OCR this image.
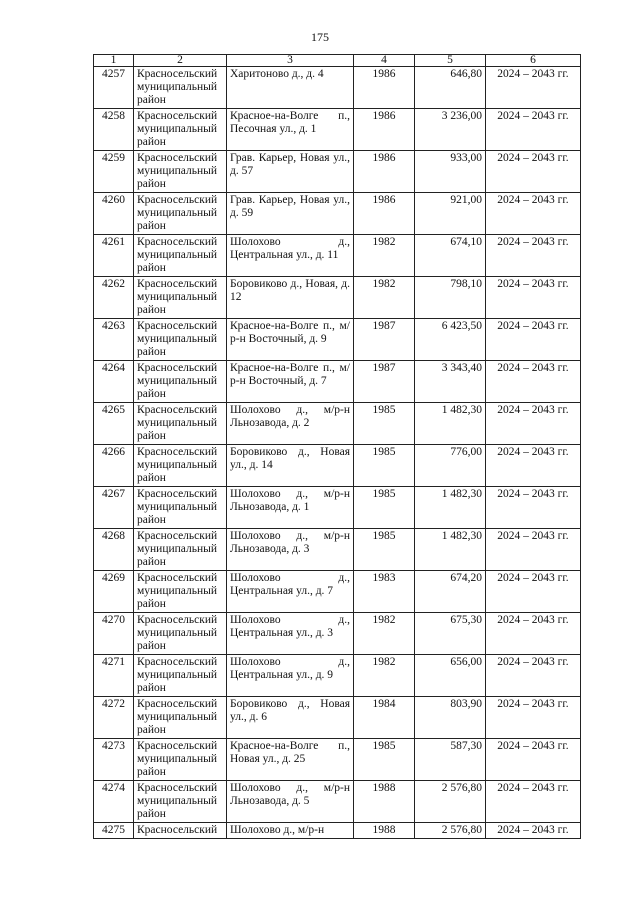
175
1	2	3	4	5	6
4257	Красносельский муниципальный район	Харитоново д., д. 4	1986	646,80	2024 – 2043 гг.
4258	Красносельский муниципальный район	Красное-на-Волге п., Песочная ул., д. 1	1986	3 236,00	2024 – 2043 гг.
4259	Красносельский муниципальный район	Грав. Карьер, Новая ул., д. 57	1986	933,00	2024 – 2043 гг.
4260	Красносельский муниципальный район	Грав. Карьер, Новая ул., д. 59	1986	921,00	2024 – 2043 гг.
4261	Красносельский муниципальный район	Шолохово д., Центральная ул., д. 11	1982	674,10	2024 – 2043 гг.
4262	Красносельский муниципальный район	Боровиково д., Новая, д. 12	1982	798,10	2024 – 2043 гг.
4263	Красносельский муниципальный район	Красное-на-Волге п., м/р-н Восточный, д. 9	1987	6 423,50	2024 – 2043 гг.
4264	Красносельский муниципальный район	Красное-на-Волге п., м/р-н Восточный, д. 7	1987	3 343,40	2024 – 2043 гг.
4265	Красносельский муниципальный район	Шолохово д., м/р-н Льнозавода, д. 2	1985	1 482,30	2024 – 2043 гг.
4266	Красносельский муниципальный район	Боровиково д., Новая ул., д. 14	1985	776,00	2024 – 2043 гг.
4267	Красносельский муниципальный район	Шолохово д., м/р-н Льнозавода, д. 1	1985	1 482,30	2024 – 2043 гг.
4268	Красносельский муниципальный район	Шолохово д., м/р-н Льнозавода, д. 3	1985	1 482,30	2024 – 2043 гг.
4269	Красносельский муниципальный район	Шолохово д., Центральная ул., д. 7	1983	674,20	2024 – 2043 гг.
4270	Красносельский муниципальный район	Шолохово д., Центральная ул., д. 3	1982	675,30	2024 – 2043 гг.
4271	Красносельский муниципальный район	Шолохово д., Центральная ул., д. 9	1982	656,00	2024 – 2043 гг.
4272	Красносельский муниципальный район	Боровиково д., Новая ул., д. 6	1984	803,90	2024 – 2043 гг.
4273	Красносельский муниципальный район	Красное-на-Волге п., Новая ул., д. 25	1985	587,30	2024 – 2043 гг.
4274	Красносельский муниципальный район	Шолохово д., м/р-н Льнозавода, д. 5	1988	2 576,80	2024 – 2043 гг.
4275	Красносельский	Шолохово д., м/р-н	1988	2 576,80	2024 – 2043 гг.
